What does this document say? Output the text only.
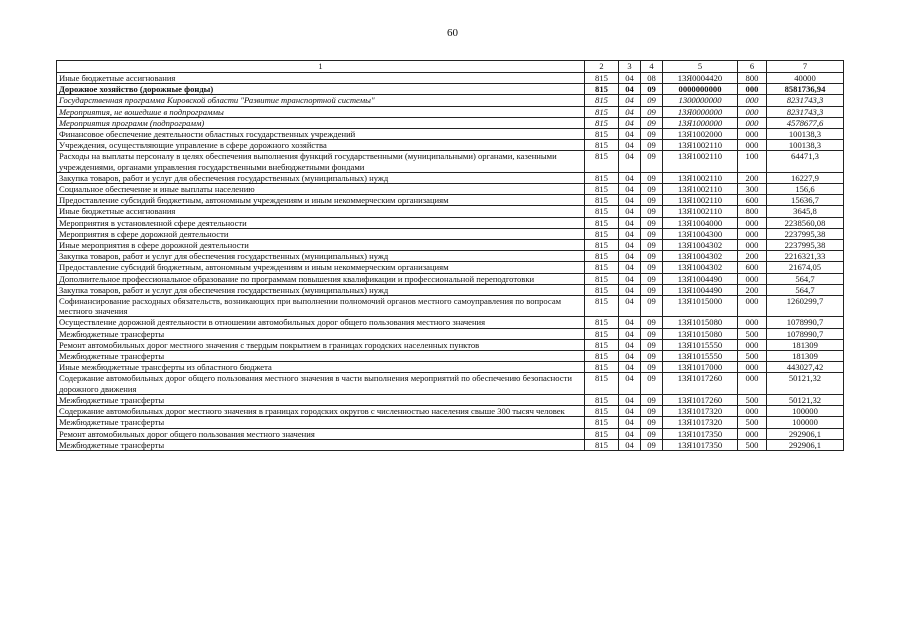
60
1	2	3	4	5	6	7
Иные бюджетные ассигнования	815	04	08	13Я0004420	800	40000
Дорожное хозяйство (дорожные фонды)	815	04	09	0000000000	000	8581736,94
Государственная программа Кировской области "Развитие транспортной системы"	815	04	09	1300000000	000	8231743,3
Мероприятия, не вошедшие в подпрограммы	815	04	09	13Я0000000	000	8231743,3
Мероприятия программ (подпрограмм)	815	04	09	13Я1000000	000	4578677,6
Финансовое обеспечение деятельности областных государственных учреждений	815	04	09	13Я1002000	000	100138,3
Учреждения, осуществляющие управление в сфере дорожного хозяйства	815	04	09	13Я1002110	000	100138,3
Расходы на выплаты персоналу в целях обеспечения выполнения функций государственными (муниципальными) органами, казенными учреждениями, органами управления государственными внебюджетными фондами	815	04	09	13Я1002110	100	64471,3
Закупка товаров, работ и услуг для обеспечения государственных (муниципальных) нужд	815	04	09	13Я1002110	200	16227,9
Социальное обеспечение и иные выплаты населению	815	04	09	13Я1002110	300	156,6
Предоставление субсидий бюджетным, автономным учреждениям и иным некоммерческим организациям	815	04	09	13Я1002110	600	15636,7
Иные бюджетные ассигнования	815	04	09	13Я1002110	800	3645,8
Мероприятия в установленной сфере деятельности	815	04	09	13Я1004000	000	2238560,08
Мероприятия в сфере дорожной деятельности	815	04	09	13Я1004300	000	2237995,38
Иные мероприятия в сфере дорожной деятельности	815	04	09	13Я1004302	000	2237995,38
Закупка товаров, работ и услуг для обеспечения государственных (муниципальных) нужд	815	04	09	13Я1004302	200	2216321,33
Предоставление субсидий бюджетным, автономным учреждениям и иным некоммерческим организациям	815	04	09	13Я1004302	600	21674,05
Дополнительное профессиональное образование по программам повышения квалификации и профессиональной переподготовки	815	04	09	13Я1004490	000	564,7
Закупка товаров, работ и услуг для обеспечения государственных (муниципальных) нужд	815	04	09	13Я1004490	200	564,7
Софинансирование расходных обязательств, возникающих при выполнении полномочий органов местного самоуправления по вопросам местного значения	815	04	09	13Я1015000	000	1260299,7
Осуществление дорожной деятельности в отношении автомобильных дорог общего пользования местного значения	815	04	09	13Я1015080	000	1078990,7
Межбюджетные трансферты	815	04	09	13Я1015080	500	1078990,7
Ремонт автомобильных дорог местного значения с твердым покрытием в границах городских населенных пунктов	815	04	09	13Я1015550	000	181309
Межбюджетные трансферты	815	04	09	13Я1015550	500	181309
Иные межбюджетные трансферты из областного бюджета	815	04	09	13Я1017000	000	443027,42
Содержание автомобильных дорог общего пользования местного значения в части выполнения мероприятий по обеспечению безопасности дорожного движения	815	04	09	13Я1017260	000	50121,32
Межбюджетные трансферты	815	04	09	13Я1017260	500	50121,32
Содержание автомобильных дорог местного значения в границах городских округов с численностью населения свыше 300 тысяч человек	815	04	09	13Я1017320	000	100000
Межбюджетные трансферты	815	04	09	13Я1017320	500	100000
Ремонт автомобильных дорог общего пользования местного значения	815	04	09	13Я1017350	000	292906,1
Межбюджетные трансферты	815	04	09	13Я1017350	500	292906,1
